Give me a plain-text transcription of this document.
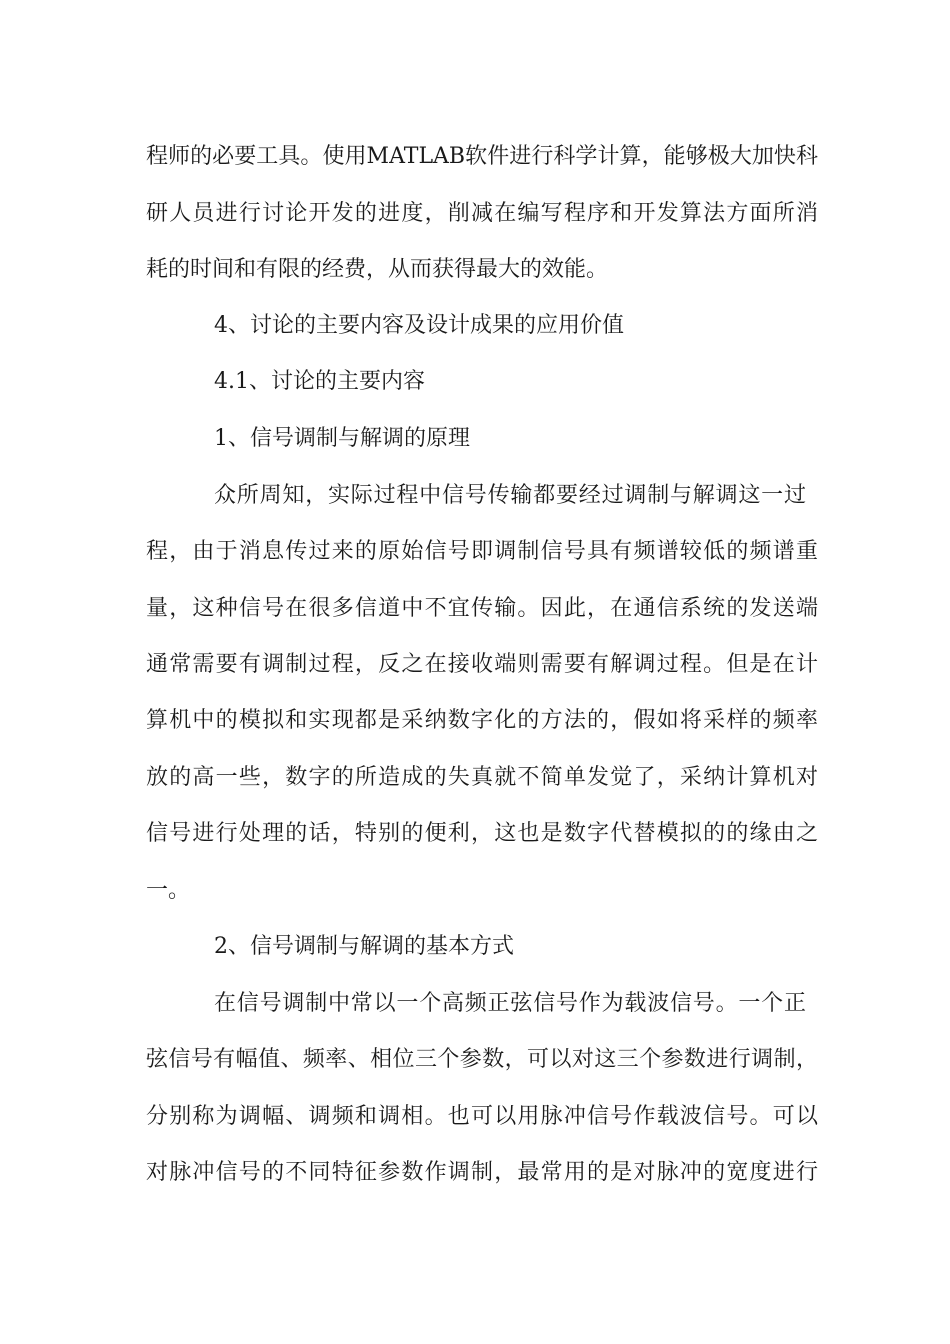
程师的必要工具。使用MATLAB软件进行科学计算，能够极大加快科
研人员进行讨论开发的进度，削减在编写程序和开发算法方面所消
耗的时间和有限的经费，从而获得最大的效能。
4、讨论的主要内容及设计成果的应用价值
4.1、讨论的主要内容
1、信号调制与解调的原理
众所周知，实际过程中信号传输都要经过调制与解调这一过
程，由于消息传过来的原始信号即调制信号具有频谱较低的频谱重
量，这种信号在很多信道中不宜传输。因此，在通信系统的发送端
通常需要有调制过程，反之在接收端则需要有解调过程。但是在计
算机中的模拟和实现都是采纳数字化的方法的，假如将采样的频率
放的高一些，数字的所造成的失真就不简单发觉了，采纳计算机对
信号进行处理的话，特别的便利，这也是数字代替模拟的的缘由之
一。
2、信号调制与解调的基本方式
在信号调制中常以一个高频正弦信号作为载波信号。一个正
弦信号有幅值、频率、相位三个参数，可以对这三个参数进行调制，
分别称为调幅、调频和调相。也可以用脉冲信号作载波信号。可以
对脉冲信号的不同特征参数作调制，最常用的是对脉冲的宽度进行
